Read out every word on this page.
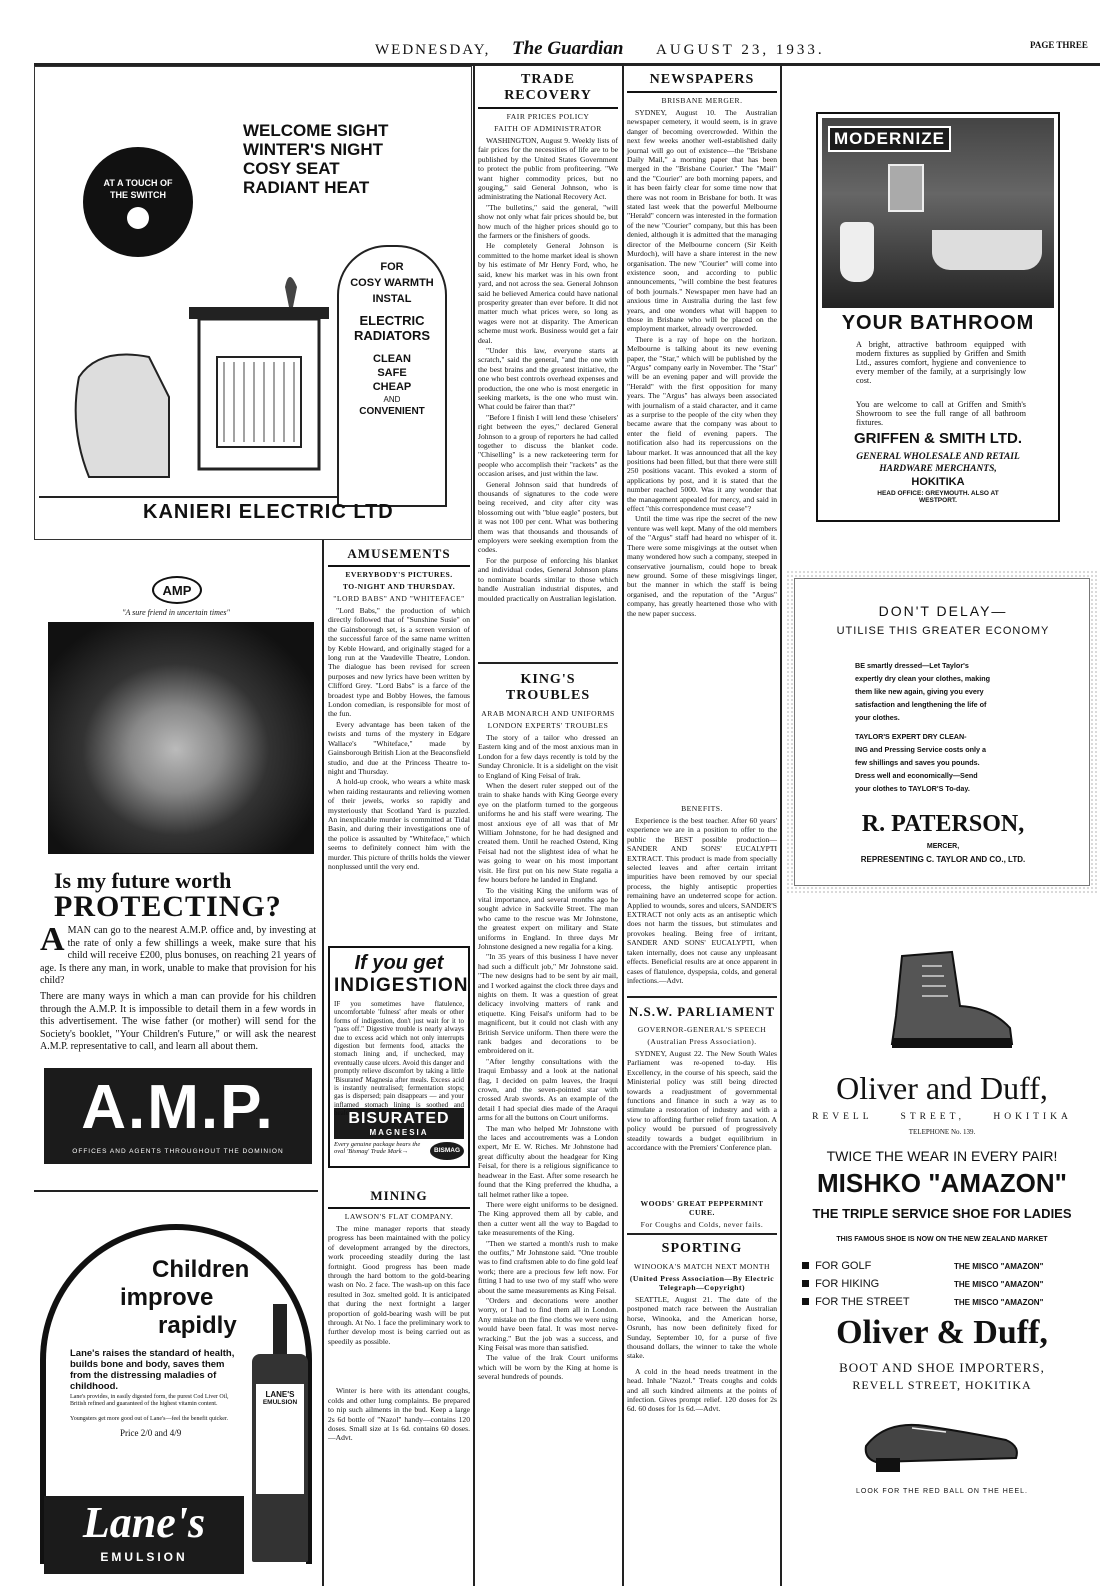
WEDNESDAY, The Guardian AUGUST 23, 1933.	PAGE THREE
WELCOME SIGHT
WINTER'S NIGHT
COSY SEAT
RADIANT HEAT
AT A TOUCH OF THE SWITCH
FOR
COSY WARMTH
INSTAL
ELECTRIC
RADIATORS
CLEAN
SAFE
CHEAP
AND
CONVENIENT
KANIERI ELECTRIC LTD
TRADE RECOVERY
FAIR PRICES POLICY
FAITH OF ADMINISTRATOR

WASHINGTON, August 9. Weekly lists of fair prices for the necessities of life are to be published by the United States Government to protect the public from profiteering. "We want higher commodity prices, but no gouging," said General Johnson, who is administrating the National Recovery Act.

"The bulletins," said the general, "will show not only what fair prices should be, but how much of the higher prices should go to the farmers or the finishers of goods.

He completely General Johnson is committed to the home market ideal is shown by his estimate of Mr Henry Ford, who, he said, knew his market was in his own front yard, and not across the sea. General Johnson said he believed America could have national prosperity greater than ever before. It did not matter much what prices were, so long as wages were not at disparity. The American scheme must work. Business would get a fair deal.

"Under this law, everyone starts at scratch," said the general, "and the one with the best brains and the greatest initiative, the one who best controls overhead expenses and production, the one who is most energetic in seeking markets, is the one who must win. What could be fairer than that?"

"Before I finish I will lend these 'chiselers' right between the eyes," declared General Johnson to a group of reporters he had called together to discuss the blanket code. "Chiselling" is a new racketeering term for people who accomplish their "rackets" as the occasion arises, and just within the law.

General Johnson said that hundreds of thousands of signatures to the code were being received, and city after city was blossoming out with "blue eagle" posters, but it was not 100 per cent. What was bothering them was that thousands and thousands of employers were seeking exemption from the codes.

For the purpose of enforcing his blanket and individual codes, General Johnson plans to nominate boards similar to those which handle Australian industrial disputes, and moulded practically on Australian legislation.

KING'S TROUBLES
ARAB MONARCH AND UNIFORMS
LONDON EXPERTS' TROUBLES

The story of a tailor who dressed an Eastern king and of the most anxious man in London for a few days recently is told by the Sunday Chronicle. It is a sidelight on the visit to England of King Feisal of Irak.

When the desert ruler stepped out of the train to shake hands with King George every eye on the platform turned to the gorgeous uniforms he and his staff were wearing. The most anxious eye of all was that of Mr William Johnstone, for he had designed and created them. Until he reached Ostend, King Feisal had not the slightest idea of what he was going to wear on his most important visit. He first put on his new State regalia a few hours before he landed in England.

To the visiting King the uniform was of vital importance, and several months ago he sought advice in Sackville Street. The man who came to the rescue was Mr Johnstone, the greatest expert on military and State uniforms in England. In three days Mr Johnstone designed a new regalia for a king.

"In 35 years of this business I have never had such a difficult job," Mr Johnstone said. "The new designs had to be sent by air mail, and I worked against the clock three days and nights on them. It was a question of great delicacy involving matters of rank and etiquette. King Feisal's uniform had to be magnificent, but it could not clash with any British Service uniform. Then there were the rank badges and decorations to be embroidered on it.

"After lengthy consultations with the Iraqui Embassy and a look at the national flag, I decided on palm leaves, the Iraqui crown, and the seven-pointed star with crossed Arab swords. As an example of the detail I had special dies made of the Araqui arms for all the buttons on Court uniforms.

The man who helped Mr Johnstone with the laces and accoutrements was a London expert, Mr E. W. Riches. Mr Johnstone had great difficulty about the headgear for King Feisal, for there is a religious significance to headwear in the East. After some research he found that the King preferred the khudha, a tall helmet rather like a topee.

There were eight uniforms to be designed. The King approved them all by cable, and then a cutter went all the way to Bagdad to take measurements of the King.

"Then we started a month's rush to make the outfits," Mr Johnstone said. "One trouble was to find craftsmen able to do fine gold leaf work; there are a precious few left now. For fitting I had to use two of my staff who were about the same measurements as King Feisal.

"Orders and decorations were another worry, or I had to find them all in London. Any mistake on the fine cloths we were using would have been fatal. It was most nerve-wracking." But the job was a success, and King Feisal was more than satisfied.

The value of the Irak Court uniforms which will be worn by the King at home is several hundreds of pounds.

NEWSPAPERS
BRISBANE MERGER.

SYDNEY, August 10. The Australian newspaper cemetery, it would seem, is in grave danger of becoming overcrowded. Within the next few weeks another well-established daily journal will go out of existence—the "Brisbane Daily Mail," a morning paper that has been merged in the "Brisbane Courier." The "Mail" and the "Courier" are both morning papers, and it has been fairly clear for some time now that there was not room in Brisbane for both. It was stated last week that the powerful Melbourne "Herald" concern was interested in the formation of the new "Courier" company, but this has been denied, although it is admitted that the managing director of the Melbourne concern (Sir Keith Murdoch), will have a share interest in the new organisation. The new "Courier" will come into existence soon, and according to public announcements, "will combine the best features of both journals." Newspaper men have had an anxious time in Australia during the last few years, and one wonders what will happen to those in Brisbane who will be placed on the employment market, already overcrowded.

There is a ray of hope on the horizon. Melbourne is talking about its new evening paper, the "Star," which will be published by the "Argus" company early in November. The "Star" will be an evening paper and will provide the "Herald" with the first opposition for many years. The "Argus" has always been associated with journalism of a staid character, and it came as a surprise to the people of the city when they became aware that the company was about to enter the field of evening papers. The notification also had its repercussions on the labour market. It was announced that all the key positions had been filled, but that there were still 250 positions vacant. This evoked a storm of applications by post, and it is stated that the number reached 5000. Was it any wonder that the management appealed for mercy, and said in effect "this correspondence must cease"?

Until the time was ripe the secret of the new venture was well kept. Many of the old members of the "Argus" staff had heard no whisper of it. There were some misgivings at the outset when many wondered how such a company, steeped in conservative journalism, could hope to break new ground. Some of these misgivings linger, but the manner in which the staff is being organised, and the reputation of the "Argus" company, has greatly heartened those who with the new paper success.

BENEFITS.

Experience is the best teacher. After 60 years' experience we are in a position to offer to the public the BEST possible production—SANDER AND SONS' EUCALYPTI EXTRACT. This product is made from specially selected leaves and after certain irritant impurities have been removed by our special process, the highly antiseptic properties remaining have an undeterred scope for action. Applied to wounds, sores and ulcers, SANDER'S EXTRACT not only acts as an antiseptic which does not harm the tissues, but stimulates and provokes healing. Being free of irritant, SANDER AND SONS' EUCALYPTI, when taken internally, does not cause any unpleasant effects. Beneficial results are at once apparent in cases of flatulence, dyspepsia, colds, and general infections.—Advt.

N.S.W. PARLIAMENT
GOVERNOR-GENERAL'S SPEECH
(Australian Press Association).

SYDNEY, August 22. The New South Wales Parliament was re-opened to-day. His Excellency, in the course of his speech, said the Ministerial policy was still being directed towards a readjustment of governmental functions and finance in such a way as to stimulate a restoration of industry and with a view to affording further relief from taxation. A policy would be pursued of progressively steadily towards a budget equilibrium in accordance with the Premiers' Conference plan.

WOODS' GREAT PEPPERMINT CURE.
For Coughs and Colds, never fails.
SPORTING
WINOOKA'S MATCH NEXT MONTH
(United Press Association—By Electric Telegraph—Copyright)

SEATTLE, August 21. The date of the postponed match race between the Australian horse, Winooka, and the American horse, Osrunh, has now been definitely fixed for Sunday, September 10, for a purse of five thousand dollars, the winner to take the whole stake.

A cold in the head needs treatment in the head. Inhale "Nazol." Treats coughs and colds and all such kindred ailments at the points of infection. Gives prompt relief. 120 doses for 2s 6d. 60 doses for 1s 6d.—Advt.

AMUSEMENTS
EVERYBODY'S PICTURES.
TO-NIGHT AND THURSDAY.
"LORD BABS" AND "WHITEFACE"

"Lord Babs," the production of which directly followed that of "Sunshine Susie" on the Gainsborough set, is a screen version of the successful farce of the same name written by Keble Howard, and originally staged for a long run at the Vaudeville Theatre, London. The dialogue has been revised for screen purposes and new lyrics have been written by Clifford Grey. "Lord Babs" is a farce of the broadest type and Bobby Howes, the famous London comedian, is responsible for most of the fun.

Every advantage has been taken of the twists and turns of the mystery in Edgare Wallace's "Whiteface," made by Gainsborough British Lion at the Beaconsfield studio, and due at the Princess Theatre to-night and Thursday.

A hold-up crook, who wears a white mask when raiding restaurants and relieving women of their jewels, works so rapidly and mysteriously that Scotland Yard is puzzled. An inexplicable murder is committed at Tidal Basin, and during their investigations one of the police is assaulted by "Whiteface," which seems to definitely connect him with the murder. This picture of thrills holds the viewer nonplussed until the very end.

If you get
INDIGESTION
IF you sometimes have flatulence, uncomfortable 'fulness' after meals or other forms of indigestion, don't just wait for it to "pass off." Digestive trouble is nearly always due to excess acid which not only interrupts digestion but ferments food, attacks the stomach lining and, if unchecked, may eventually cause ulcers. Avoid this danger and promptly relieve discomfort by taking a little 'Bisurated' Magnesia after meals. Excess acid is instantly neutralised; fermentation stops; gas is dispersed; pain disappears — and your inflamed stomach lining is soothed and healed.
BISURATED
MAGNESIA
Every genuine package bears the oval 'Bismag' Trade Mark→	BISMAG
MINING
LAWSON'S FLAT COMPANY.

The mine manager reports that steady progress has been maintained with the policy of development arranged by the directors, work proceeding steadily during the last fortnight. Good progress has been made through the hard bottom to the gold-bearing wash on No. 2 face. The wash-up on this face resulted in 3oz. smelted gold. It is anticipated that during the next fortnight a larger proportion of gold-bearing wash will be put through. At No. 1 face the preliminary work to further develop most is being carried out as speedily as possible.

Winter is here with its attendant coughs, colds and other lung complaints. Be prepared to nip such ailments in the bud. Keep a large 2s 6d bottle of "Nazol" handy—contains 120 doses. Small size at 1s 6d. contains 60 doses.—Advt.

AMP
"A sure friend in uncertain times"
Is my future worth
PROTECTING?
A MAN can go to the nearest A.M.P. office and, by investing at the rate of only a few shillings a week, make sure that his child will receive £200, plus bonuses, on reaching 21 years of age. Is there any man, in work, unable to make that provision for his child?
There are many ways in which a man can provide for his children through the A.M.P. It is impossible to detail them in a few words in this advertisement. The wise father (or mother) will send for the Society's booklet, "Your Children's Future," or will ask the nearest A.M.P. representative to call, and learn all about them.
A.M.P.
OFFICES AND AGENTS THROUGHOUT THE DOMINION
Children
improve
rapidly
Lane's raises the standard of health, builds bone and body, saves them from the distressing maladies of childhood.
Lane's provides, in easily digested form, the purest Cod Liver Oil, British refined and guaranteed of the highest vitamin content.
Youngsters get more good out of Lane's—feel the benefit quicker.
Price 2/0 and 4/9
LANE'S
EMULSION
Lane's
EMULSION
MODERNIZE
YOUR BATHROOM
A bright, attractive bathroom equipped with modern fixtures as supplied by Griffen and Smith Ltd., assures comfort, hygiene and convenience to every member of the family, at a surprisingly low cost.
You are welcome to call at Griffen and Smith's Showroom to see the full range of all bathroom fixtures.
GRIFFEN & SMITH LTD.
GENERAL WHOLESALE AND RETAIL
HARDWARE MERCHANTS,
HOKITIKA
HEAD OFFICE: GREYMOUTH. ALSO AT WESTPORT.
DON'T DELAY—
UTILISE THIS GREATER ECONOMY
BE smartly dressed—Let Taylor's
expertly dry clean your clothes, making
them like new again, giving you every
satisfaction and lengthening the life of
your clothes.
TAYLOR'S EXPERT DRY CLEAN-
ING and Pressing Service costs only a
few shillings and saves you pounds.
Dress well and economically—Send
your clothes to TAYLOR'S To-day.
R. PATERSON,
MERCER,
REPRESENTING C. TAYLOR AND CO., LTD.
Oliver and Duff,
REVELL STREET, HOKITIKA
TELEPHONE No. 139.
TWICE THE WEAR IN EVERY PAIR!
MISHKO "AMAZON"
THE TRIPLE SERVICE SHOE FOR LADIES
THIS FAMOUS SHOE IS NOW ON THE NEW ZEALAND MARKET
FOR GOLF	THE MISCO "AMAZON"
FOR HIKING	THE MISCO "AMAZON"
FOR THE STREET	THE MISCO "AMAZON"
Oliver & Duff,
BOOT AND SHOE IMPORTERS,
REVELL STREET, HOKITIKA
LOOK FOR THE RED BALL ON THE HEEL.
